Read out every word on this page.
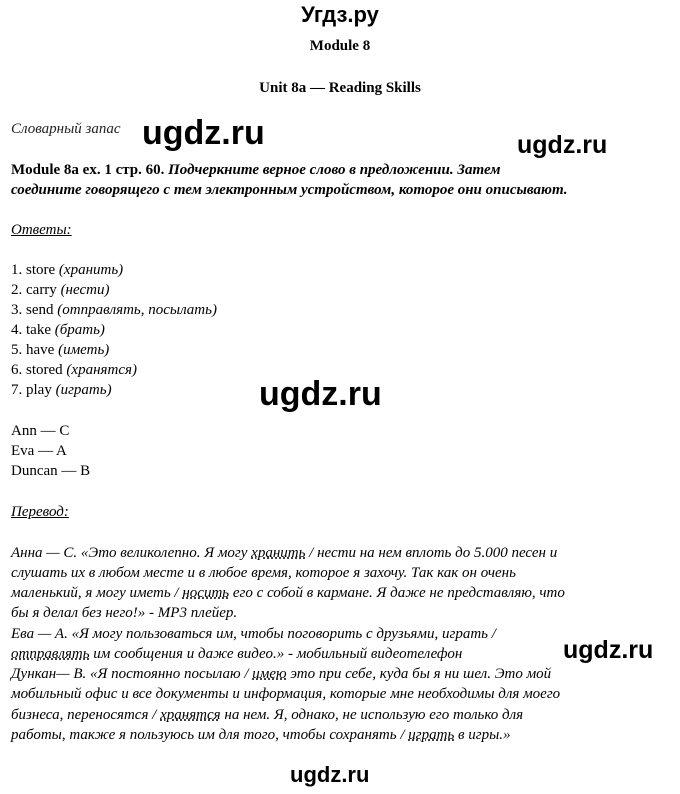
Угдз.ру
Module 8
Unit 8a — Reading Skills
Словарный запас
Module 8a ex. 1 стр. 60. Подчеркните верное слово в предложении. Затем
соедините говорящего с тем электронным устройством, которое они описывают.
Ответы:
1. store (хранить)
2. carry (нести)
3. send (отправлять, посылать)
4. take (брать)
5. have (иметь)
6. stored (хранятся)
7. play (играть)
Ann — C
Eva — A
Duncan — B
Перевод:
Анна — С. «Это великолепно. Я могу хранить / нести на нем вплоть до 5.000 песен и
слушать их в любом месте и в любое время, которое я захочу. Так как он очень
маленький, я могу иметь / носить его с собой в кармане. Я даже не представляю, что
бы я делал без него!» - MP3 плейер.
Ева — А. «Я могу пользоваться им, чтобы поговорить с друзьями, играть /
отправлять им сообщения и даже видео.» - мобильный видеотелефон
Дункан— В. «Я постоянно посылаю / имею это при себе, куда бы я ни шел. Это мой
мобильный офис и все документы и информация, которые мне необходимы для моего
бизнеса, переносятся / хранятся на нем. Я, однако, не использую его только для
работы, также я пользуюсь им для того, чтобы сохранять / играть в игры.»
ugdz.ru	ugdz.ru
ugdz.ru
ugdz.ru
ugdz.ru
